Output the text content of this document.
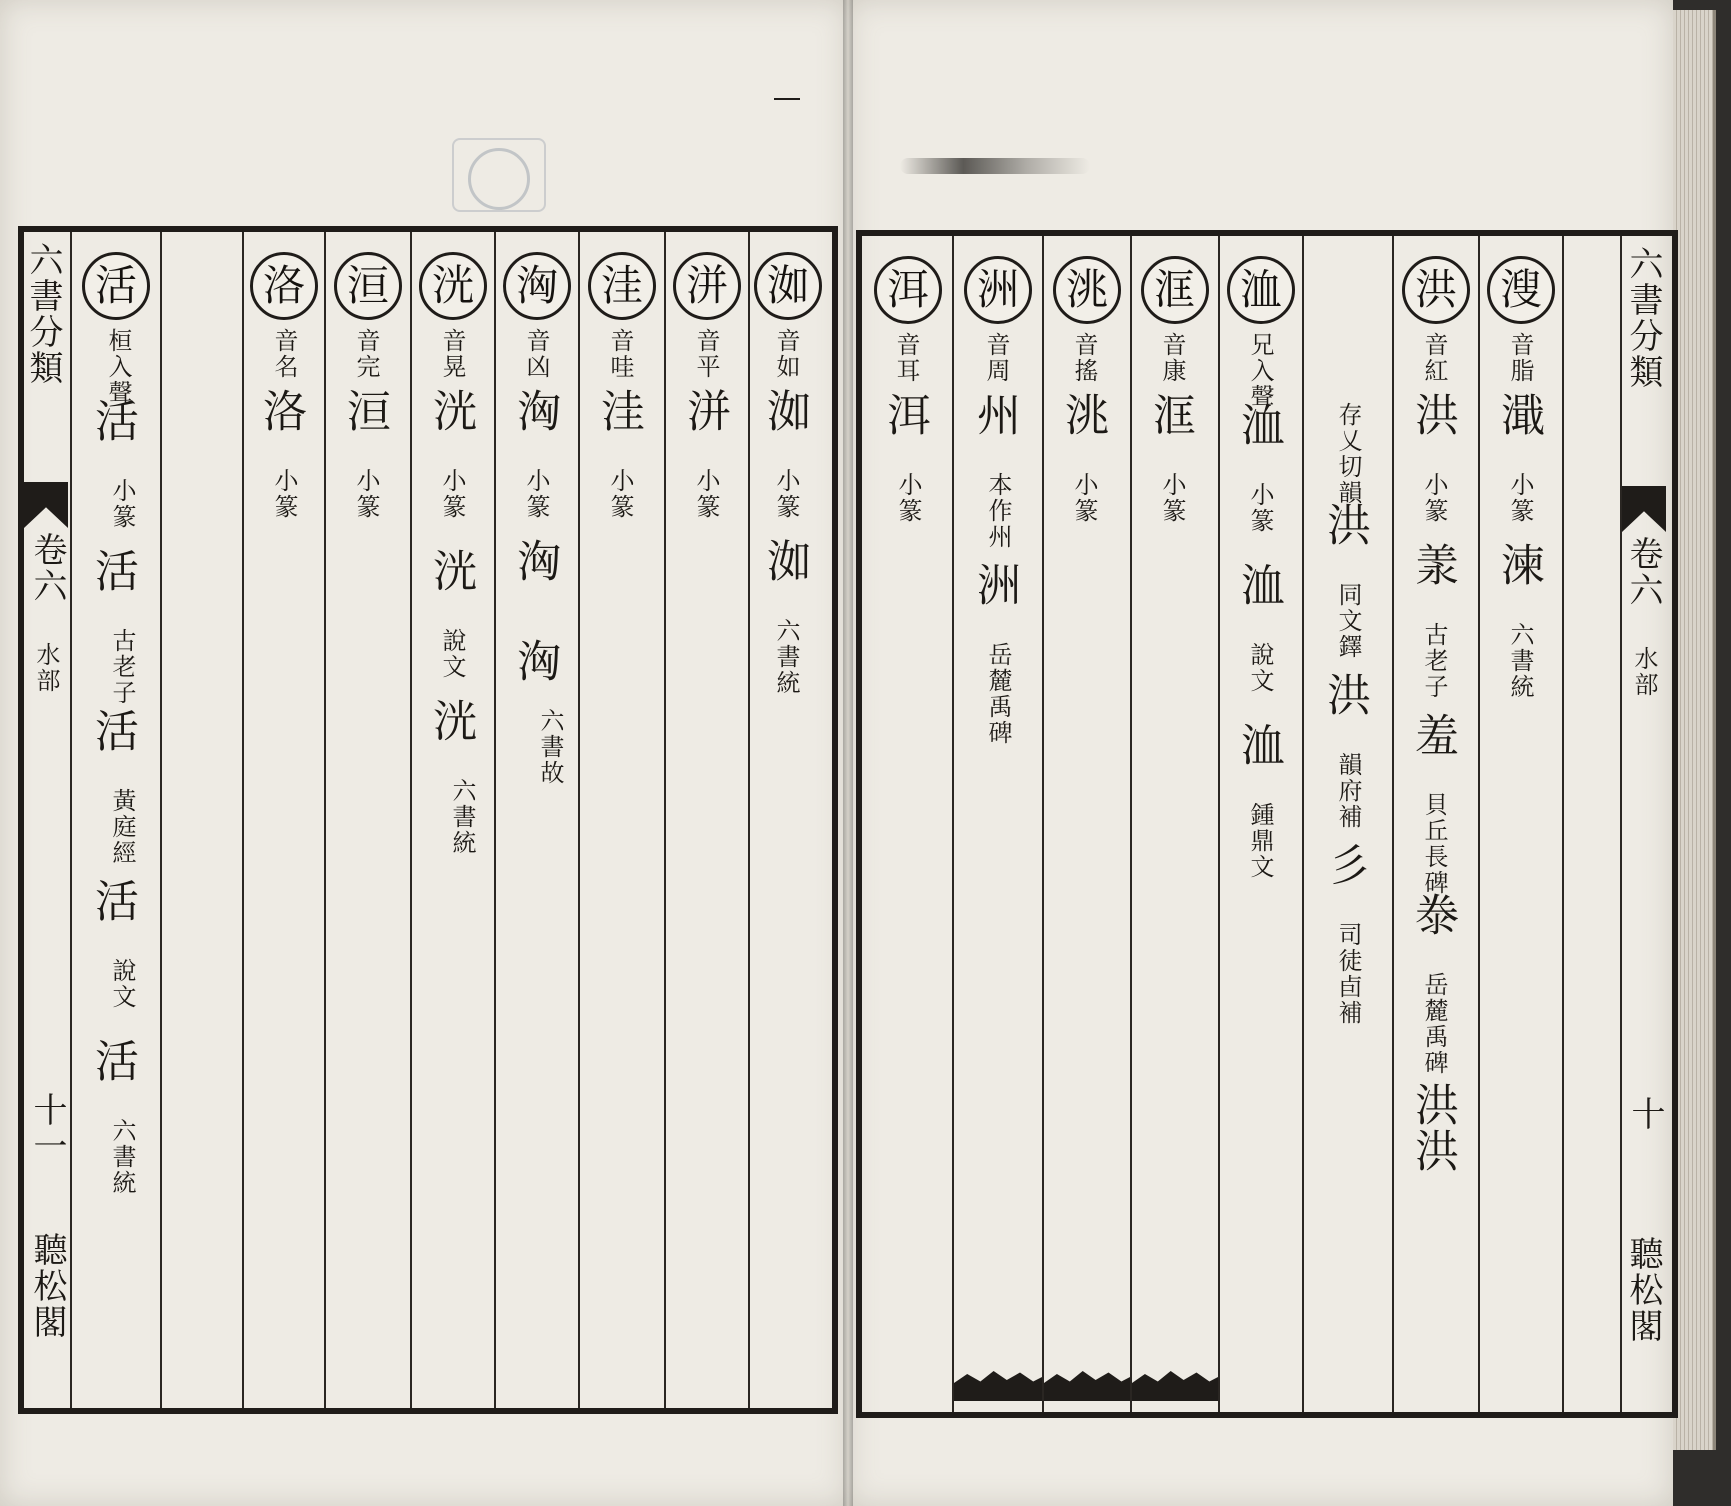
六書分類
卷六
水部
十一
聽松閣
洳
音如
洳
小篆
洳
六書統
洴
音平
洴
小篆
洼
音哇
洼
小篆
洶
音凶
洶
小篆
洶
洶
六書故
洸
音晃
洸
小篆
洸
說文
洸
六書統
洹
音完
洹
小篆
洛
音名
洛
小篆
活
桓入聲
活
小篆
活
古老子
活
黃庭經
活
說文
活
六書統
六書分類
卷六
水部
十
聽松閣
溲
音脂
濈
小篆
湅
六書統
洪
音紅
洪
小篆
羕
古老子
羞
貝丘長碑
𣳾
岳麓禹碑
洪洪
存乂切韻
洪
同文鐸
洪
韻府補
彡
司徒卣補
洫
兄入聲
洫
小篆
洫
說文
洫
鍾鼎文
洭
音康
洭
小篆
洮
音搖
洮
小篆
洲
音周
州
本作州
洲
岳麓禹碑
洱
音耳
洱
小篆
